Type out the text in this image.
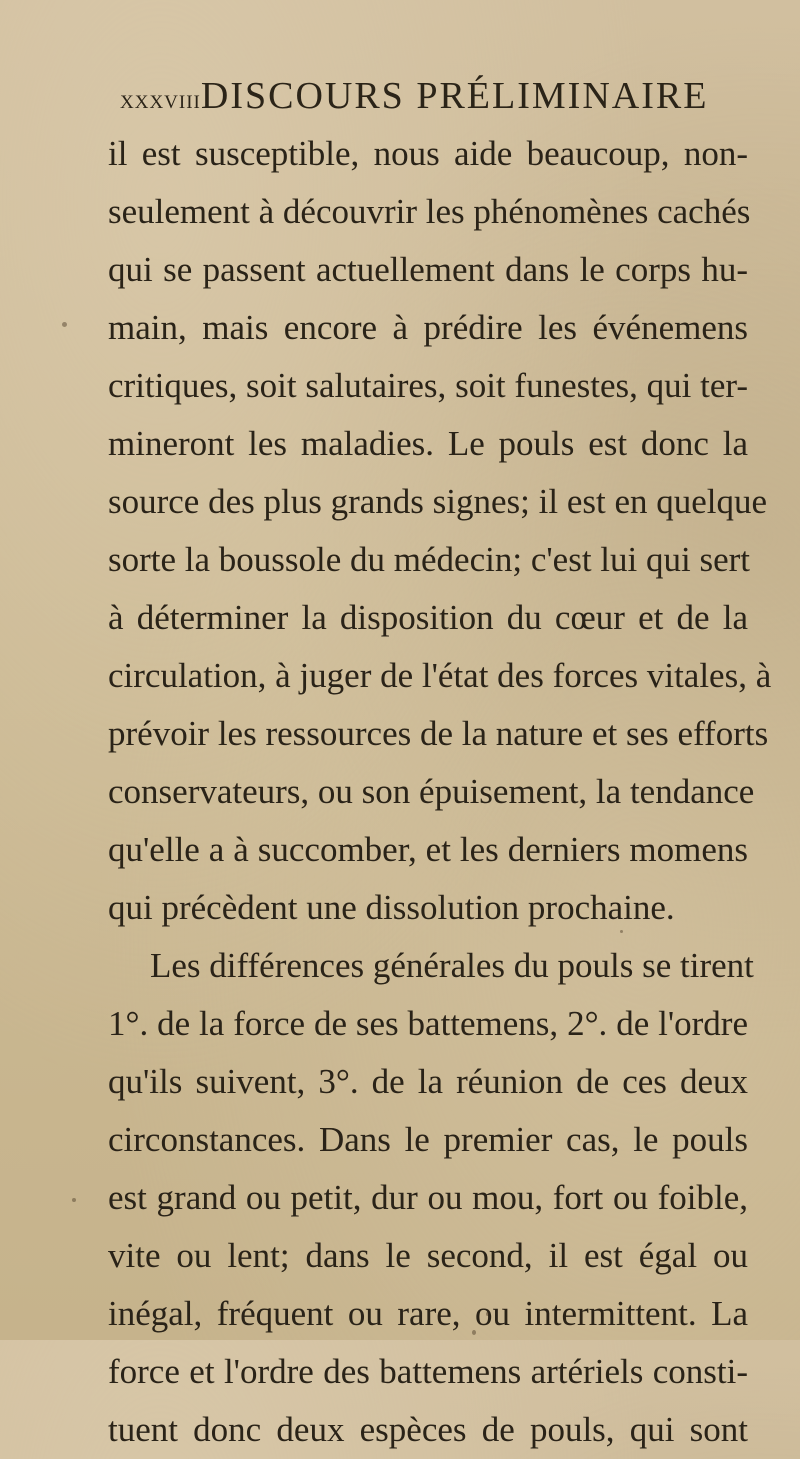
xxxviiiDISCOURS PRÉLIMINAIRE
il est susceptible, nous aide beaucoup, non-
seulement à découvrir les phénomènes cachés
qui se passent actuellement dans le corps hu-
main, mais encore à prédire les événemens
critiques, soit salutaires, soit funestes, qui ter-
mineront les maladies. Le pouls est donc la
source des plus grands signes; il est en quelque
sorte la boussole du médecin; c'est lui qui sert
à déterminer la disposition du cœur et de la
circulation, à juger de l'état des forces vitales, à
prévoir les ressources de la nature et ses efforts
conservateurs, ou son épuisement, la tendance
qu'elle a à succomber, et les derniers momens
qui précèdent une dissolution prochaine.
Les différences générales du pouls se tirent
1°. de la force de ses battemens, 2°. de l'ordre
qu'ils suivent, 3°. de la réunion de ces deux
circonstances. Dans le premier cas, le pouls
est grand ou petit, dur ou mou, fort ou foible,
vite ou lent; dans le second, il est égal ou
inégal, fréquent ou rare, ou intermittent. La
force et l'ordre des battemens artériels consti-
tuent donc deux espèces de pouls, qui sont
